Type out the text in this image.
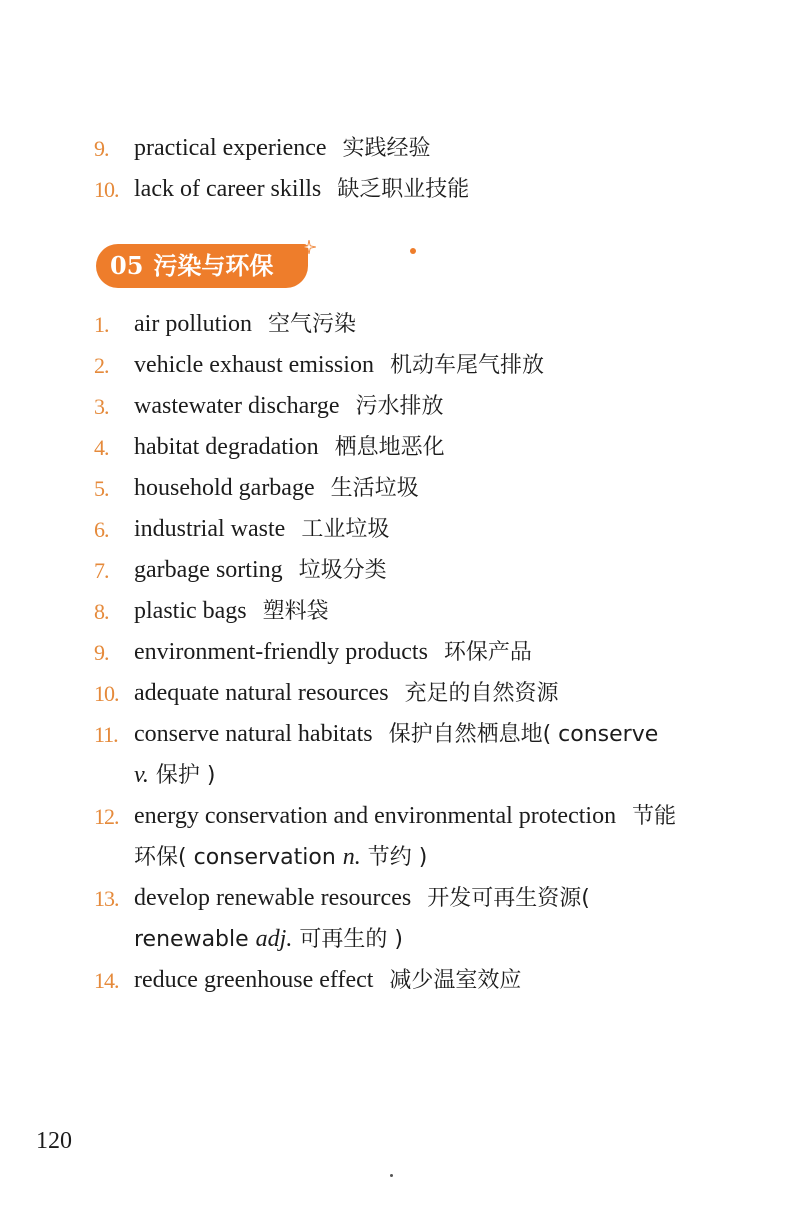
9.	practical experience 实践经验
10. lack of career skills 缺乏职业技能
05 污染与环保
1.	air pollution 空气污染
2.	vehicle exhaust emission 机动车尾气排放
3.	wastewater discharge 污水排放
4.	habitat degradation 栖息地恶化
5.	household garbage 生活垃圾
6.	industrial waste 工业垃圾
7.	garbage sorting 垃圾分类
8.	plastic bags 塑料袋
9.	environment-friendly products 环保产品
10. adequate natural resources 充足的自然资源
11. conserve natural habitats 保护自然栖息地( conserve v. 保护 )
12. energy conservation and environmental protection 节能环保( conservation n. 节约 )
13. develop renewable resources 开发可再生资源( renewable adj. 可再生的 )
14. reduce greenhouse effect 减少温室效应
120
